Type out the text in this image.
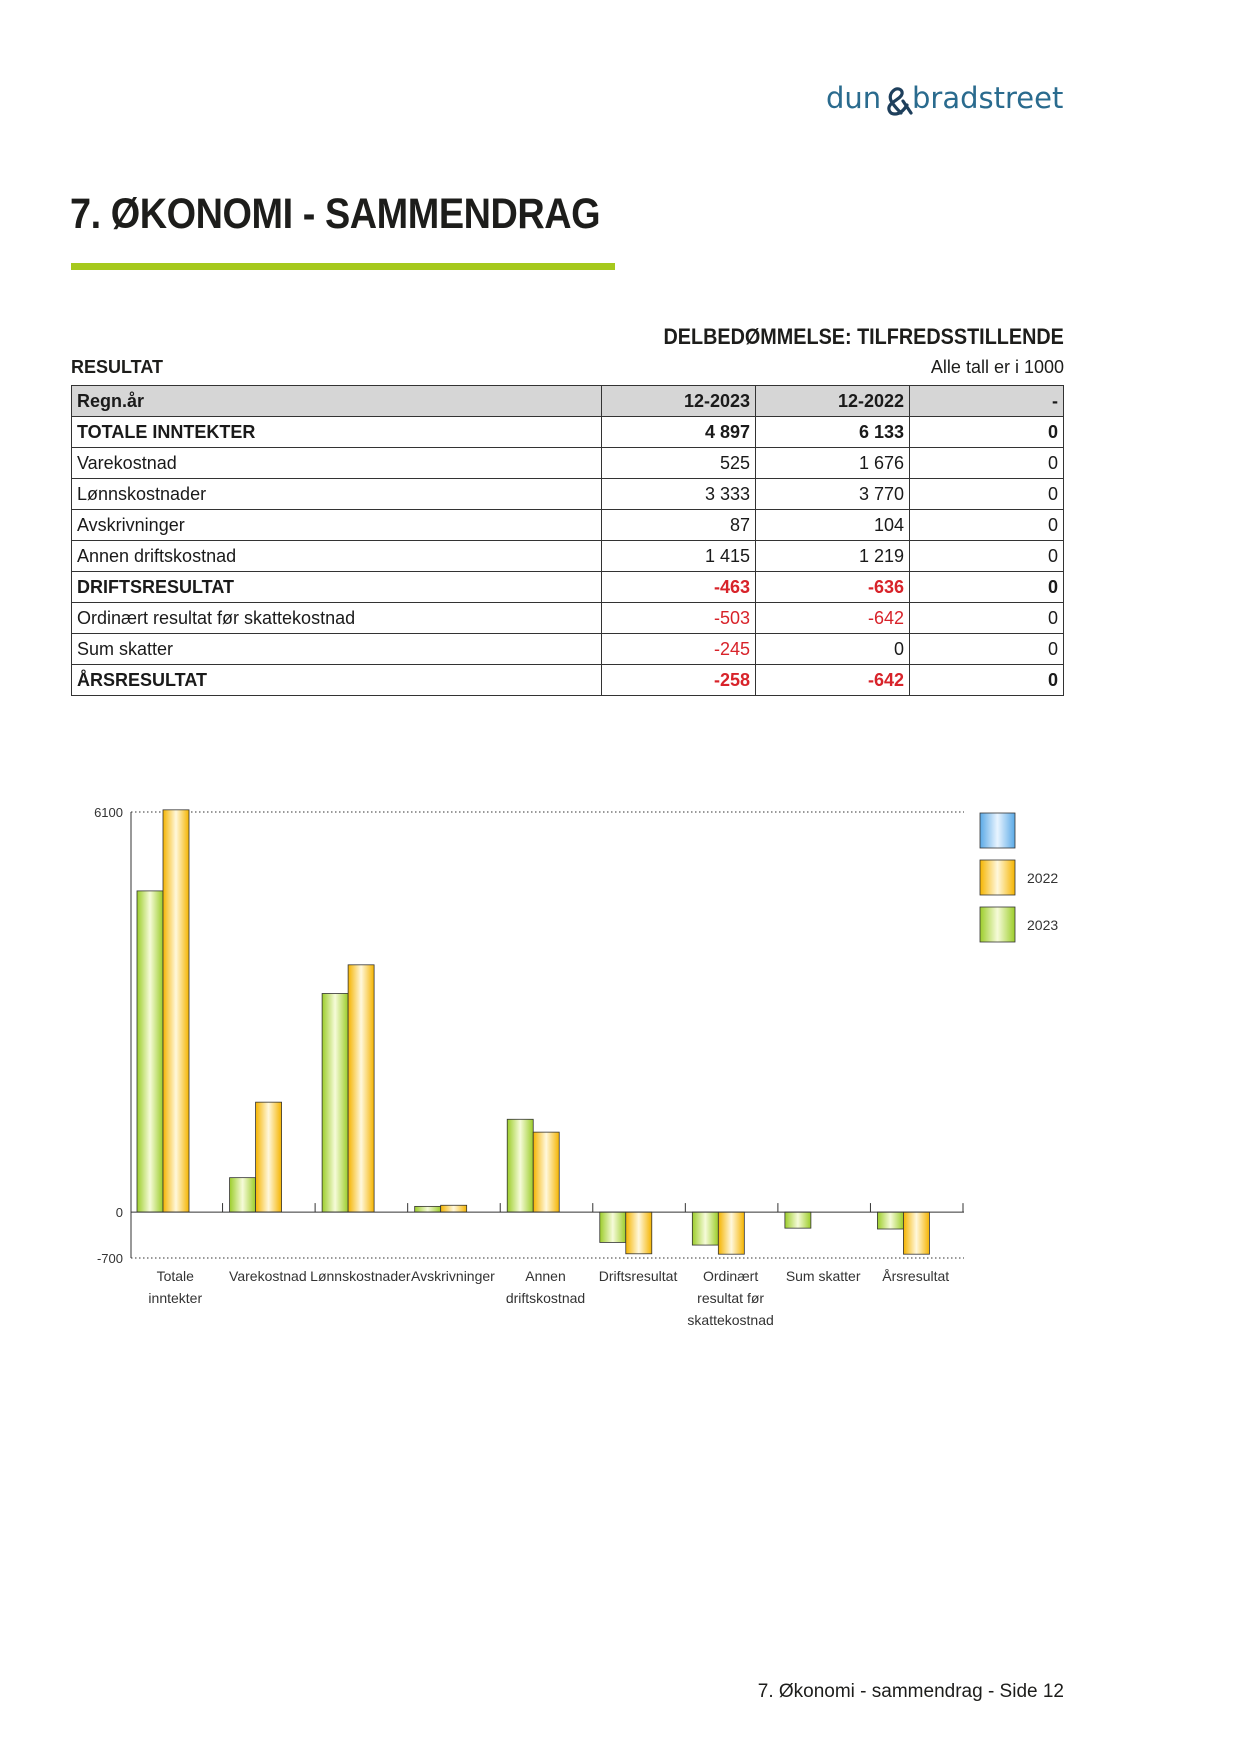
dun bradstreet
7. ØKONOMI - SAMMENDRAG
DELBEDØMMELSE: TILFREDSSTILLENDE
RESULTAT	Alle tall er i 1000
Regn.år	12-2023	12-2022	-
TOTALE INNTEKTER	4 897	6 133	0
Varekostnad	525	1 676	0
Lønnskostnader	3 333	3 770	0
Avskrivninger	87	104	0
Annen driftskostnad	1 415	1 219	0
DRIFTSRESULTAT	-463	-636	0
Ordinært resultat før skattekostnad	-503	-642	0
Sum skatter	-245	0	0
ÅRSRESULTAT	-258	-642	0
6100
0
-700
Totale
inntekter
Varekostnad Lønnskostnader Avskrivninger Annen
driftskostnad
Driftsresultat Ordinært
resultat før
skattekostnad
Sum skatter Årsresultat
2022
2023
7. Økonomi - sammendrag - Side 12
